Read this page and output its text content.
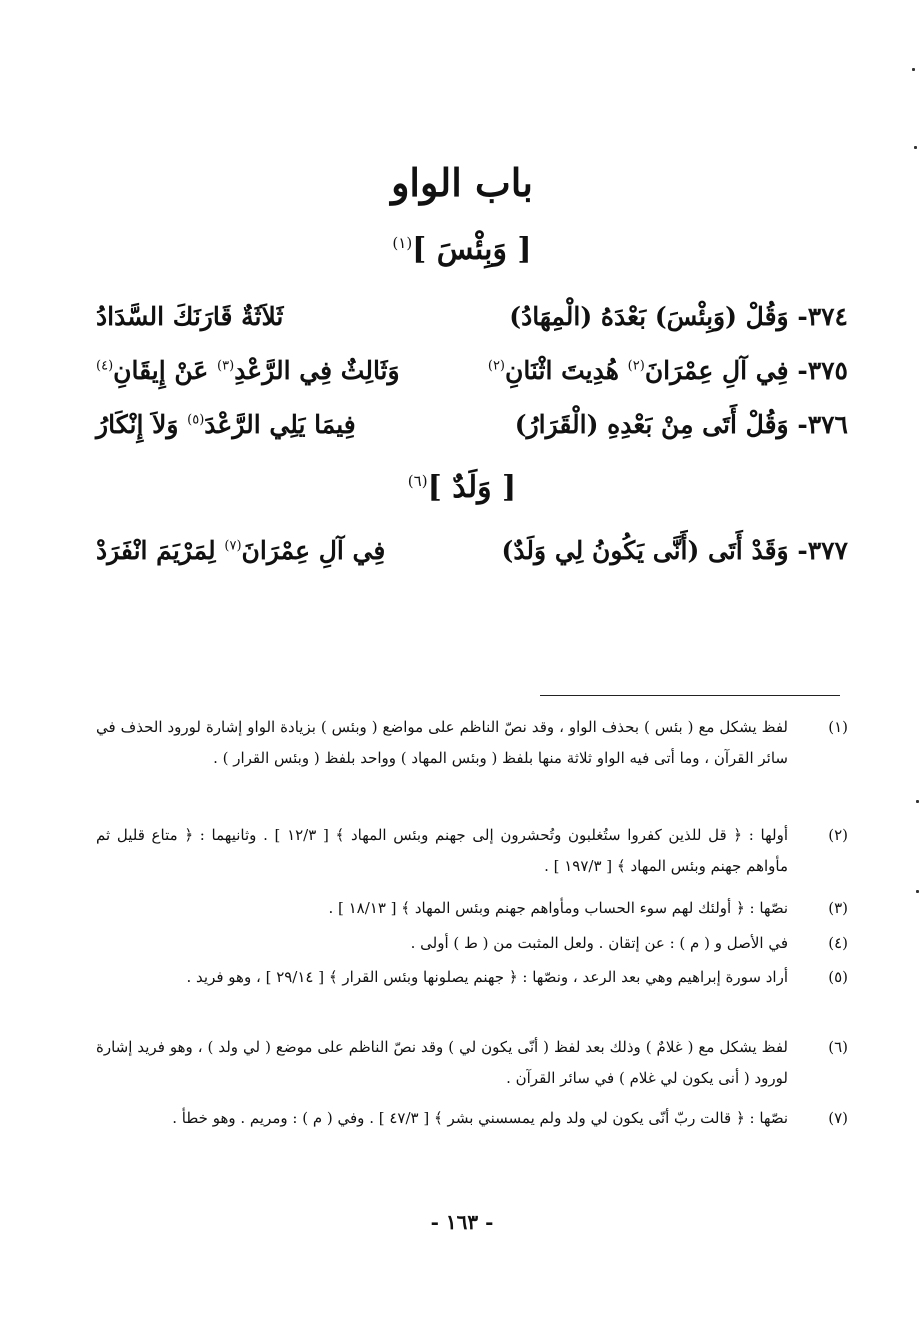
باب الواو
[ وَبِئْسَ ]$^{(١)}$
٣٧٤- وَقُلْ (وَبِئْسَ) بَعْدَهُ (الْمِهَادُ)
ثَلاَثَةٌ قَارَنَكَ السَّدَادُ
٣٧٥- فِي آلِ عِمْرَانَ$^{(٢)}$ هُدِيتَ اثْنَانِ$^{(٢)}$
وَثَالِثٌ فِي الرَّعْدِ$^{(٣)}$ عَنْ إِيقَانِ$^{(٤)}$
٣٧٦- وَقُلْ أَتَى مِنْ بَعْدِهِ (الْقَرَارُ)
فِيمَا يَلِي الرَّعْدَ$^{(٥)}$ وَلاَ إِنْكَارُ
[ وَلَدٌ ]$^{(٦)}$
٣٧٧- وَقَدْ أَتَى (أَنَّى يَكُونُ لِي وَلَدٌ)
فِي آلِ عِمْرَانَ$^{(٧)}$ لِمَرْيَمَ انْفَرَدْ
(١)
لفظ يشكل مع ( بئس ) بحذف الواو ، وقد نصّ الناظم على مواضع ( وبئس ) بزيادة الواو إشارة لورود الحذف في سائر القرآن ، وما أتى فيه الواو ثلاثة منها بلفظ ( وبئس المهاد ) وواحد بلفظ ( وبئس القرار ) .
(٢)
أولها : ﴿ قل للذين كفروا ستُغلبون وتُحشرون إلى جهنم وبئس المهاد ﴾ [ ١٢/٣ ] . وثانيهما : ﴿ متاع قليل ثم مأواهم جهنم وبئس المهاد ﴾ [ ١٩٧/٣ ] .
(٣)
نصّها : ﴿ أولئك لهم سوء الحساب ومأواهم جهنم وبئس المهاد ﴾ [ ١٨/١٣ ] .
(٤)
في الأصل و ( م ) : عن إتقان . ولعل المثبت من ( ط ) أولى .
(٥)
أراد سورة إبراهيم وهي بعد الرعد ، ونصّها : ﴿ جهنم يصلونها وبئس القرار ﴾ [ ٢٩/١٤ ] ، وهو فريد .
(٦)
لفظ يشكل مع ( غلامٌ ) وذلك بعد لفظ ( أنّى يكون لي ) وقد نصّ الناظم على موضع ( لي ولد ) ، وهو فريد إشارة لورود ( أنى يكون لي غلام ) في سائر القرآن .
(٧)
نصّها : ﴿ قالت ربّ أنّى يكون لي ولد ولم يمسسني بشر ﴾ [ ٤٧/٣ ] . وفي ( م ) : ومريم . وهو خطأ .
- ١٦٣ -
